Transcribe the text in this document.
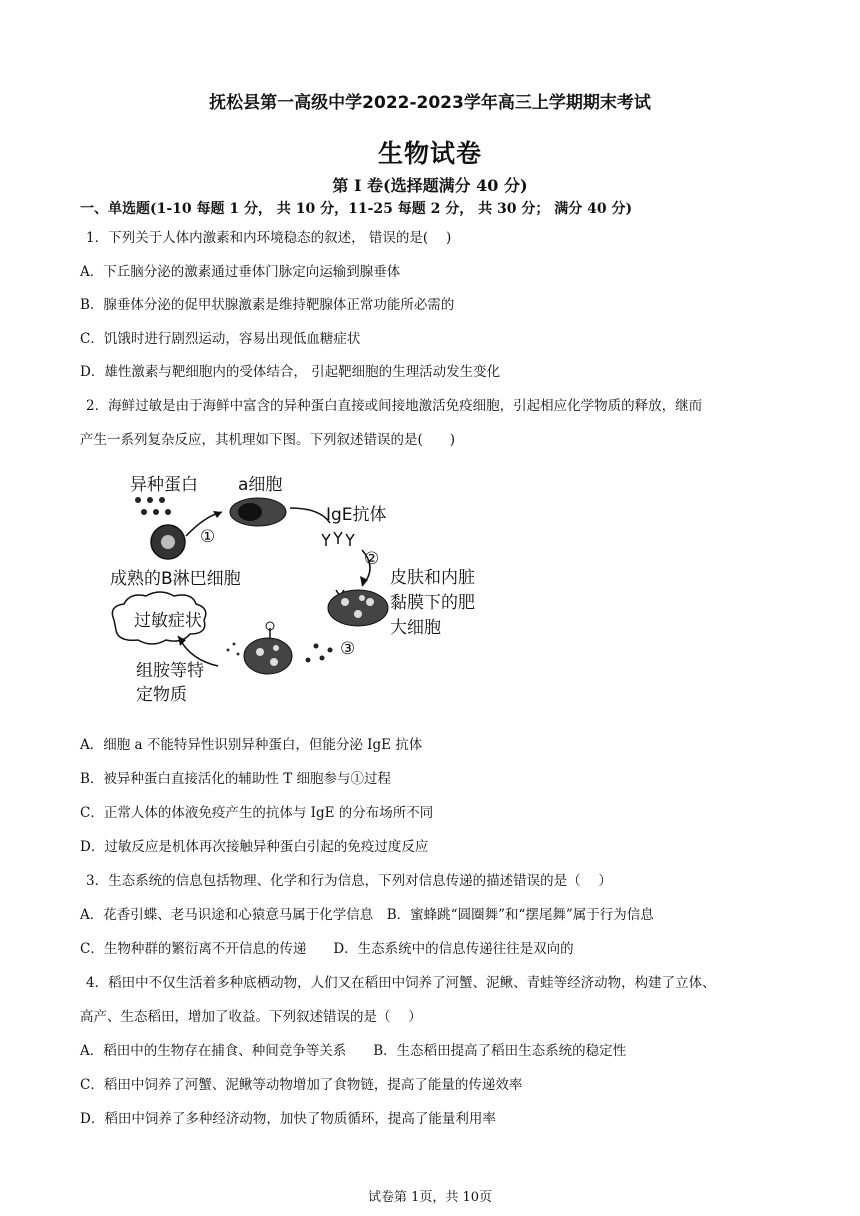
抚松县第一高级中学2022-2023学年高三上学期期末考试
生物试卷
第 I 卷(选择题满分 40 分)
一、单选题(1-10 每题 1 分， 共 10 分，11-25 每题 2 分， 共 30 分； 满分 40 分)
1．下列关于人体内激素和内环境稳态的叙述， 错误的是(　 )
A．下丘脑分泌的激素通过垂体门脉定向运输到腺垂体
B．腺垂体分泌的促甲状腺激素是维持靶腺体正常功能所必需的
C．饥饿时进行剧烈运动，容易出现低血糖症状
D．雄性激素与靶细胞内的受体结合， 引起靶细胞的生理活动发生变化
2．海鲜过敏是由于海鲜中富含的异种蛋白直接或间接地激活免疫细胞，引起相应化学物质的释放，继而
产生一系列复杂反应，其机理如下图。下列叙述错误的是(　　)
异种蛋白 a细胞
IgE抗体
成熟的B淋巴细胞	皮肤和内脏
黏膜下的肥
大细胞
过敏症状
组胺等特
定物质
①
②
③
A．细胞 a 不能特异性识别异种蛋白，但能分泌 IgE 抗体
B．被异种蛋白直接活化的辅助性 T 细胞参与①过程
C．正常人体的体液免疫产生的抗体与 IgE 的分布场所不同
D．过敏反应是机体再次接触异种蛋白引起的免疫过度反应
3．生态系统的信息包括物理、化学和行为信息，下列对信息传递的描述错误的是（　 ）
A．花香引蝶、老马识途和心猿意马属于化学信息　B．蜜蜂跳“圆圈舞”和“摆尾舞”属于行为信息
C．生物种群的繁衍离不开信息的传递　　D．生态系统中的信息传递往往是双向的
4．稻田中不仅生活着多种底栖动物，人们又在稻田中饲养了河蟹、泥鳅、青蛙等经济动物，构建了立体、
高产、生态稻田，增加了收益。下列叙述错误的是（　 ）
A．稻田中的生物存在捕食、种间竞争等关系　　B．生态稻田提高了稻田生态系统的稳定性
C．稻田中饲养了河蟹、泥鳅等动物增加了食物链，提高了能量的传递效率
D．稻田中饲养了多种经济动物，加快了物质循环，提高了能量利用率
试卷第 1页，共 10页
